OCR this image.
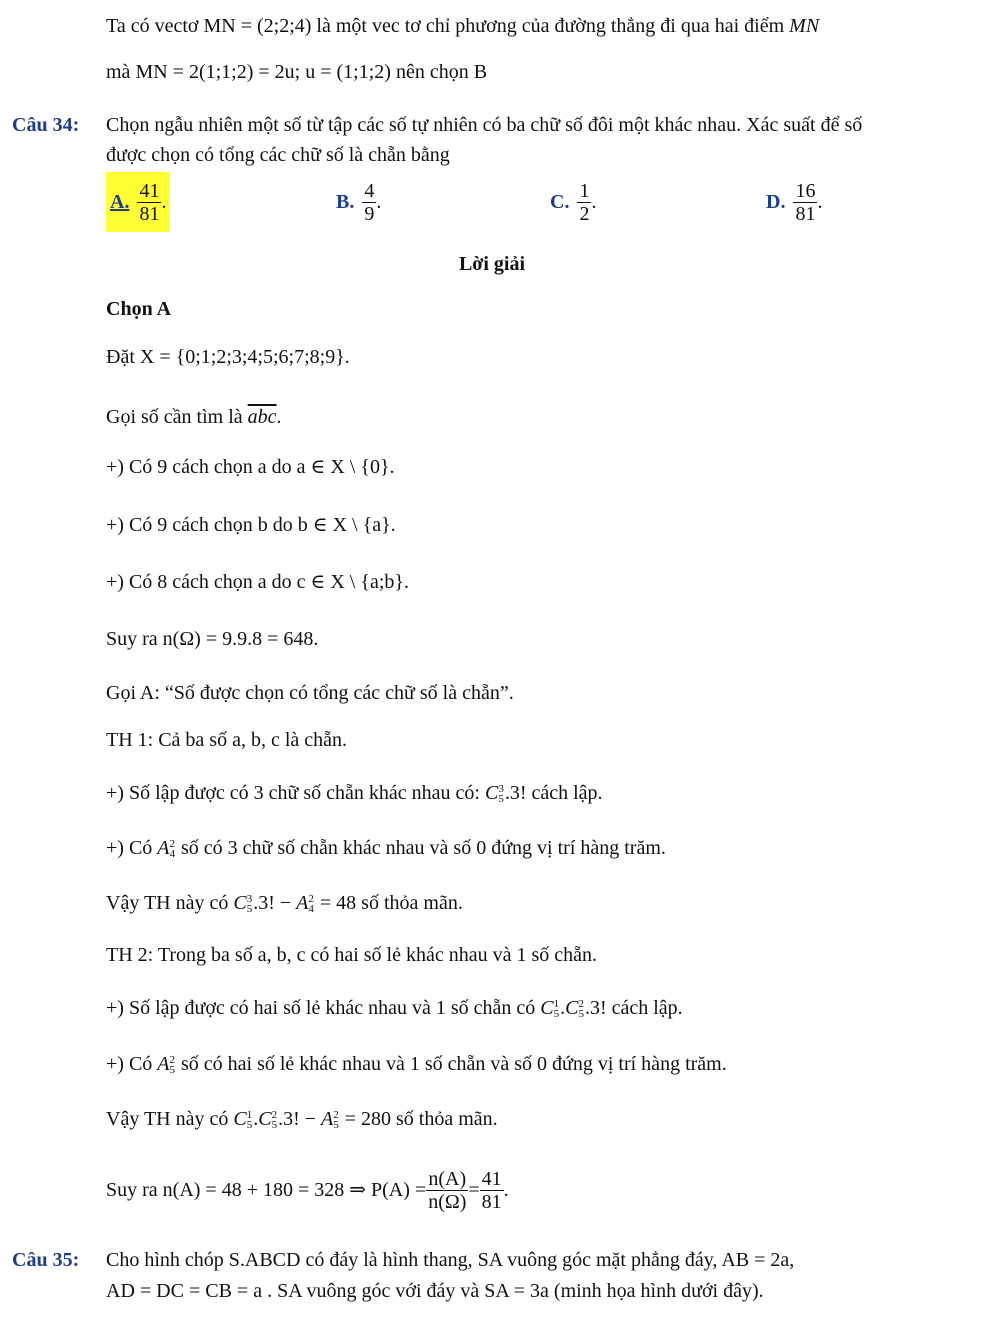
Ta có vectơ MN = (2;2;4) là một vec tơ chỉ phương của đường thẳng đi qua hai điểm MN
mà MN = 2(1;1;2) = 2u; u = (1;1;2) nên chọn B
Câu 34: Chọn ngẫu nhiên một số từ tập các số tự nhiên có ba chữ số đôi một khác nhau. Xác suất để số
được chọn có tổng các chữ số là chẵn bằng
A. $\frac{41}{81}$ .	B. $\frac{4}{9}$ .	C. $\frac{1}{2}$ .	D. $\frac{16}{81}$ .
Lời giải
Chọn A
Đặt X = {0;1;2;3;4;5;6;7;8;9}.
Gọi số cần tìm là $\overline{abc}$.
+) Có 9 cách chọn a do a ∈ X \ {0}.
+) Có 9 cách chọn b do b ∈ X \ {a}.
+) Có 8 cách chọn a do c ∈ X \ {a;b}.
Suy ra n(Ω) = 9.9.8 = 648.
Gọi A: “Số được chọn có tổng các chữ số là chẵn”.
TH 1: Cả ba số a, b, c là chẵn.
+) Số lập được có 3 chữ số chẵn khác nhau có: C 3
5 .3! cách lập.
+) Có A 2
4 số có 3 chữ số chẵn khác nhau và số 0 đứng vị trí hàng trăm.
Vậy TH này có C 3
5 .3! − A 2
4 = 48 số thỏa mãn.
TH 2: Trong ba số a, b, c có hai số lẻ khác nhau và 1 số chẵn.
+) Số lập được có hai số lẻ khác nhau và 1 số chẵn có C 1
5 .C 2
5 .3! cách lập.
+) Có A 2
5 số có hai số lẻ khác nhau và 1 số chẵn và số 0 đứng vị trí hàng trăm.
Vậy TH này có C 1
5 .C 2
5 .3! − A 2
5 = 280 số thỏa mãn.
Suy ra n(A) = 48 + 180 = 328 ⇒ $P(A) = \frac{n(A)}{n(\Omega)} = \frac{41}{81}$ .
Câu 35: Cho hình chóp S.ABCD có đáy là hình thang, SA vuông góc mặt phẳng đáy, AB = 2a,
AD = DC = CB = a . SA vuông góc với đáy và SA = 3a (minh họa hình dưới đây).
